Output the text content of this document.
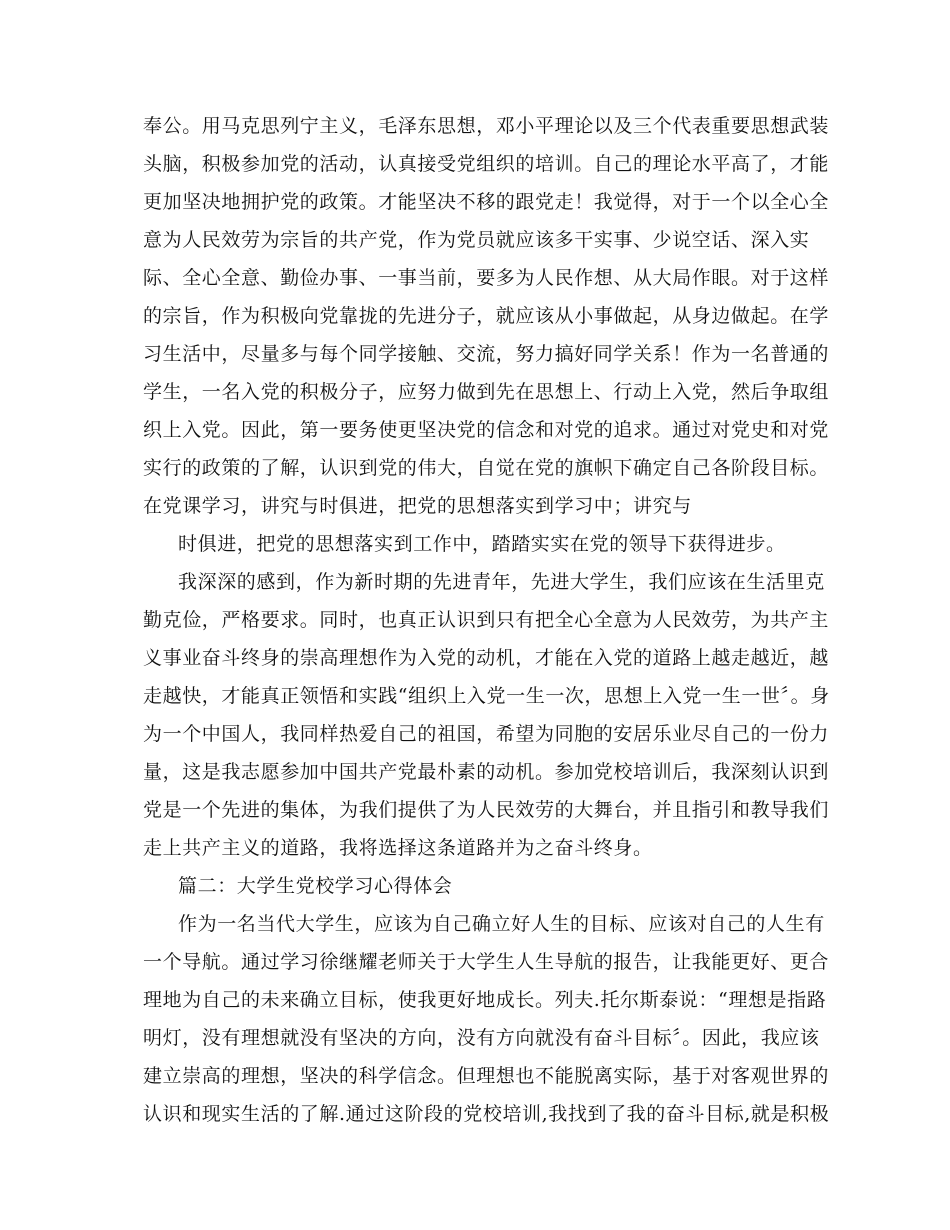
奉公。用马克思列宁主义，毛泽东思想，邓小平理论以及三个代表重要思想武装
头脑，积极参加党的活动，认真接受党组织的培训。自己的理论水平高了，才能
更加坚决地拥护党的政策。才能坚决不移的跟党走！我觉得，对于一个以全心全
意为人民效劳为宗旨的共产党，作为党员就应该多干实事、少说空话、深入实
际、全心全意、勤俭办事、一事当前，要多为人民作想、从大局作眼。对于这样
的宗旨，作为积极向党靠拢的先进分子，就应该从小事做起，从身边做起。在学
习生活中，尽量多与每个同学接触、交流，努力搞好同学关系！作为一名普通的
学生，一名入党的积极分子，应努力做到先在思想上、行动上入党，然后争取组
织上入党。因此，第一要务使更坚决党的信念和对党的追求。通过对党史和对党
实行的政策的了解，认识到党的伟大，自觉在党的旗帜下确定自己各阶段目标。
在党课学习，讲究与时俱进，把党的思想落实到学习中；讲究与
时俱进，把党的思想落实到工作中，踏踏实实在党的领导下获得进步。
我深深的感到，作为新时期的先进青年，先进大学生，我们应该在生活里克
勤克俭，严格要求。同时，也真正认识到只有把全心全意为人民效劳，为共产主
义事业奋斗终身的崇高理想作为入党的动机，才能在入党的道路上越走越近，越
走越快，才能真正领悟和实践“组织上入党一生一次，思想上入党一生一世〞。身
为一个中国人，我同样热爱自己的祖国，希望为同胞的安居乐业尽自己的一份力
量，这是我志愿参加中国共产党最朴素的动机。参加党校培训后，我深刻认识到
党是一个先进的集体，为我们提供了为人民效劳的大舞台，并且指引和教导我们
走上共产主义的道路，我将选择这条道路并为之奋斗终身。
篇二：大学生党校学习心得体会
作为一名当代大学生，应该为自己确立好人生的目标、应该对自己的人生有
一个导航。通过学习徐继耀老师关于大学生人生导航的报告，让我能更好、更合
理地为自己的未来确立目标，使我更好地成长。列夫.托尔斯泰说：“理想是指路
明灯，没有理想就没有坚决的方向，没有方向就没有奋斗目标〞。因此，我应该
建立崇高的理想，坚决的科学信念。但理想也不能脱离实际，基于对客观世界的
认识和现实生活的了解.通过这阶段的党校培训,我找到了我的奋斗目标,就是积极
